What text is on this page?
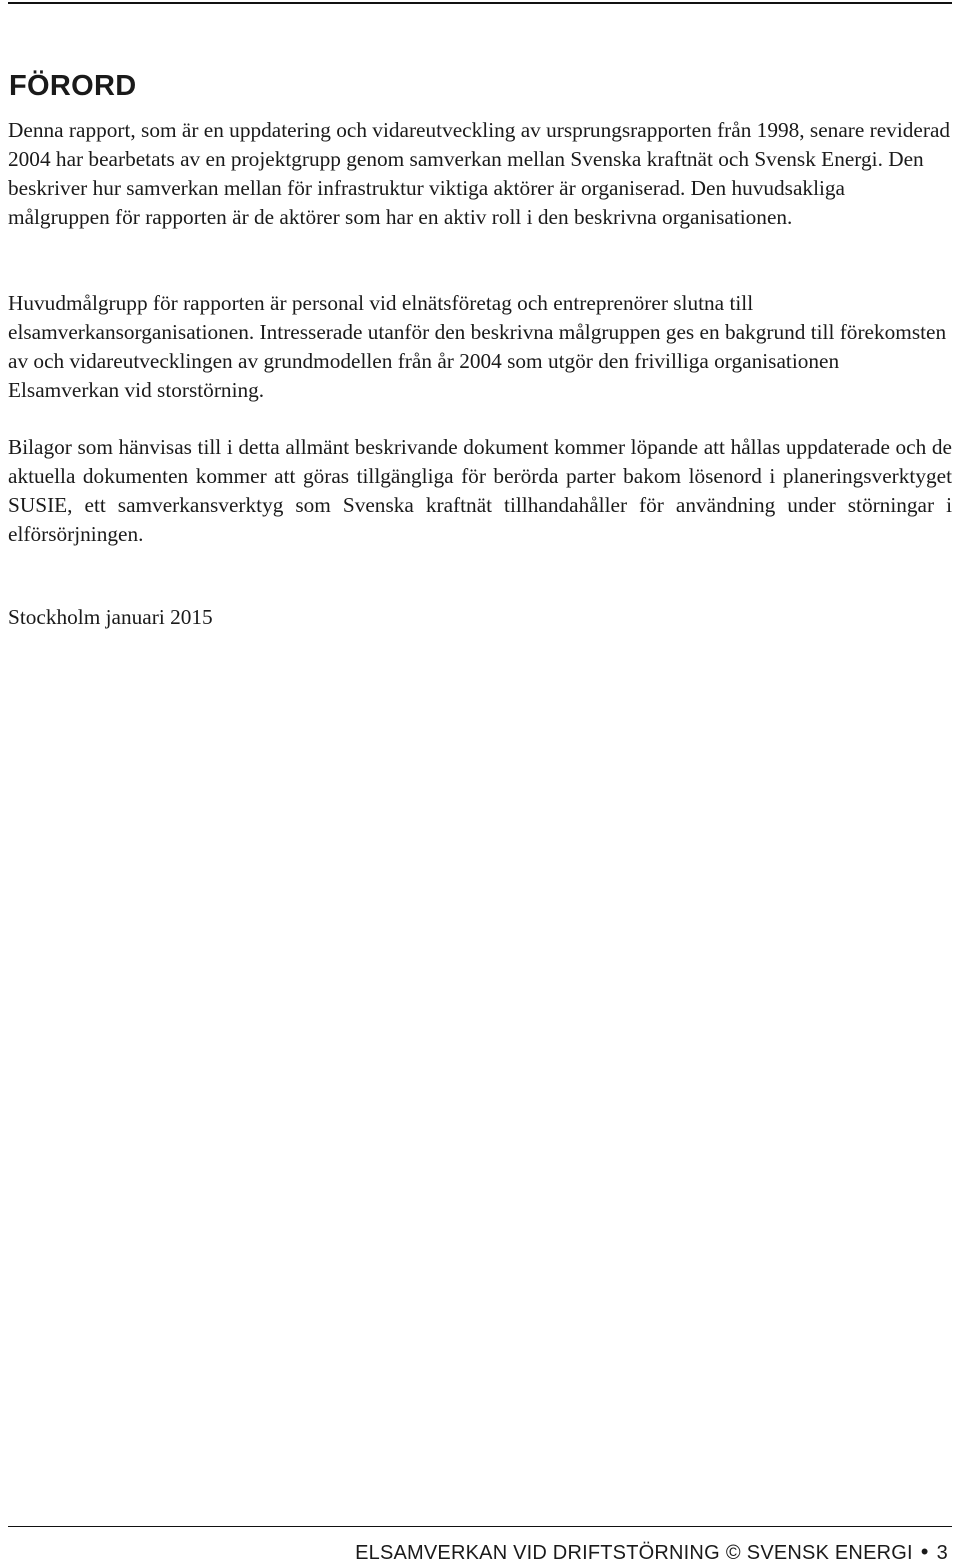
FÖRORD

Denna rapport, som är en uppdatering och vidareutveckling av ursprungsrapporten från 1998, senare reviderad 2004 har bearbetats av en projektgrupp genom samverkan mellan Svenska kraftnät och Svensk Energi. Den beskriver hur samverkan mellan för infrastruktur viktiga aktörer är organiserad. Den huvudsakliga målgruppen för rapporten är de aktörer som har en aktiv roll i den beskrivna organisationen.

Huvudmålgrupp för rapporten är personal vid elnätsföretag och entreprenörer slutna till elsamverkansorganisationen. Intresserade utanför den beskrivna målgruppen ges en bakgrund till förekomsten av och vidareutvecklingen av grundmodellen från år 2004 som utgör den frivilliga organisationen Elsamverkan vid storstörning.

Bilagor som hänvisas till i detta allmänt beskrivande dokument kommer löpande att hållas uppdaterade och de aktuella dokumenten kommer att göras tillgängliga för berörda parter bakom lösenord i planeringsverktyget SUSIE, ett samverkansverktyg som Svenska kraftnät tillhandahåller för användning under störningar i elförsörjningen.

Stockholm januari 2015

ELSAMVERKAN VID DRIFTSTÖRNING © SVENSK ENERGI • 3
